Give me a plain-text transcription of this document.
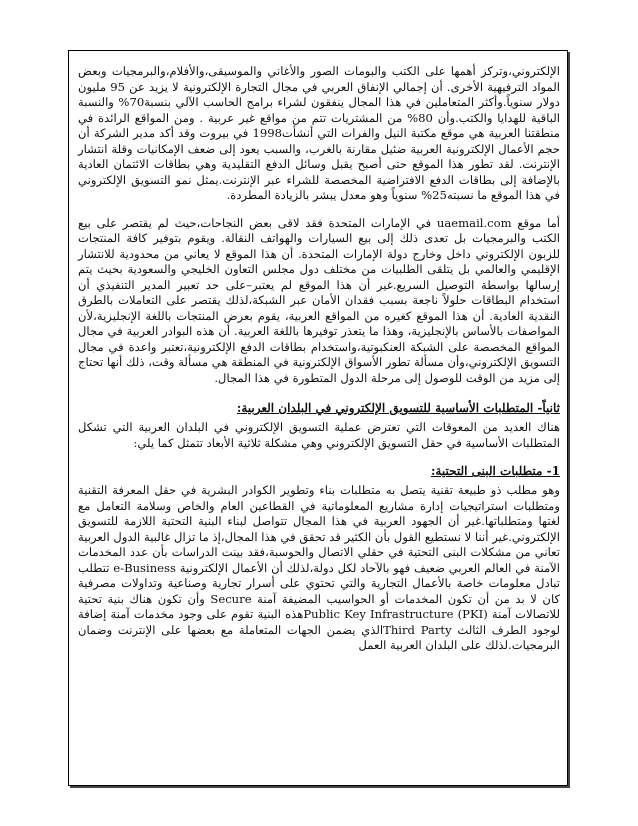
الإلكتروني،وتركز أهمها على الكتب والبومات الصور والأغاني والموسيقى،والأفلام،والبرمجيات وبعض المواد الترفيهية الأخرى. أن إجمالي الإنفاق العربي في مجال التجارة الإلكترونية لا يزيد عن 95 مليون دولار سنوياً.وأكثر المتعاملين في هذا المجال ينفقون لشراء برامج الحاسب الآلي بنسبة70% والنسبة الباقية للهدايا والكتب.وأن 80% من المشتريات تتم من مواقع غير عربية . ومن المواقع الرائدة في منطقتنا العربية هي موقع مكتبة النيل والفرات التي أنشأت1998 في بيروت وقد أكد مدير الشركة أن حجم الأعمال الإلكترونية العربية ضئيل مقارنة بالغرب، والسبب يعود إلى ضعف الإمكانيات وقلة انتشار الإنترنت. لقد تطور هذا الموقع حتى أصبح يقبل وسائل الدفع التقليدية وهي بطاقات الائتمان العادية بالإضافة إلى بطاقات الدفع الافتراضية المخصصة للشراء عبر الإنترنت.يمثل نمو التسويق الإلكتروني في هذا الموقع ما نسبته25% سنوياً وهو معدل يبشر بالزيادة المطردة.

أما موقع uaemail.com في الإمارات المتحدة فقد لاقى بعض النجاحات،حيث لم يقتصر على بيع الكتب والبرمجيات بل تعدى ذلك إلى بيع السيارات والهواتف النقالة. ويقوم بتوفير كافة المنتجات للزبون الإلكتروني داخل وخارج دولة الإمارات المتحدة. أن هذا الموقع لا يعاني من محدودية للانتشار الإقليمي والعالمي بل يتلقى الطلبيات من مختلف دول مجلس التعاون الخليجي والسعودية بحيث يتم إرسالها بواسطة التوصيل السريع.غير أن هذا الموقع لم يعتبر–على حد تعبير المدير التنفيذي أن استخدام البطاقات حلولاً ناجعة بسبب فقدان الأمان عبر الشبكة،لذلك يقتصر على التعاملات بالطرق النقدية العادية. أن هذا الموقع كغيره من المواقع العربية، يقوم بعرض المنتجات باللغة الإنجليزية،لأن المواصفات بالأساس بالإنجليزية، وهذا ما يتعذر توفيرها باللغة العربية. أن هذه البوادر العربية في مجال المواقع المخصصة على الشبكة العنكبوتية،واستخدام بطاقات الدفع الإلكترونية،تعتبر واعدة في مجال التسويق الإلكتروني،وأن مسألة تطور الأسواق الإلكترونية في المنطقة هي مسألة وقت، ذلك أنها تحتاج إلى مزيد من الوقت للوصول إلى مرحلة الدول المتطورة في هذا المجال.

ثانياً- المتطلبات الأساسية للتسويق الإلكتروني في البلدان العربية:

هناك العديد من المعوقات التي تعترض عملية التسويق الإلكتروني في البلدان العربية التي تشكل المتطلبات الأساسية في حقل التسويق الإلكتروني وهي مشكلة ثلاثية الأبعاد تتمثل كما يلي:

1- متطلبات البنى التحتية:

وهو مطلب ذو طبيعة تقنية يتصل به متطلبات بناء وتطوير الكوادر البشرية في حقل المعرفة التقنية ومتطلبات استراتيجيات إدارة مشاريع المعلوماتية في القطاعين العام والخاص وسلامة التعامل مع لغتها ومتطلباتها.غير أن الجهود العربية في هذا المجال تتواصل لبناء البنية التحتية اللازمة للتسويق الإلكتروني.غير أننا لا نستطيع القول بأن الكثير قد تحقق في هذا المجال،إذ ما تزال غالبية الدول العربية تعاني من مشكلات البنى التحتية في حقلي الاتصال والحوسبة،فقد بينت الدراسات بأن عدد المخدمات الآمنة في العالم العربي ضعيف فهو بالآحاد لكل دولة،لذلك أن الأعمال الإلكترونية e-Business تتطلب تبادل معلومات خاصة بالأعمال التجارية والتي تحتوي على أسرار تجارية وصناعية وتداولات مصرفية كان لا بد من أن تكون المخدمات أو الحواسيب المضيفة آمنة Secure وأن تكون هناك بنية تحتية للاتصالات آمنة (Public Key Infrastructure (PKIهذه البنية تقوم على وجود مخدمات آمنة إضافة لوجود الطرف الثالث Third Partyالذي يضمن الجهات المتعاملة مع بعضها على الإنترنت وضمان البرمجيات.لذلك على البلدان العربية العمل
